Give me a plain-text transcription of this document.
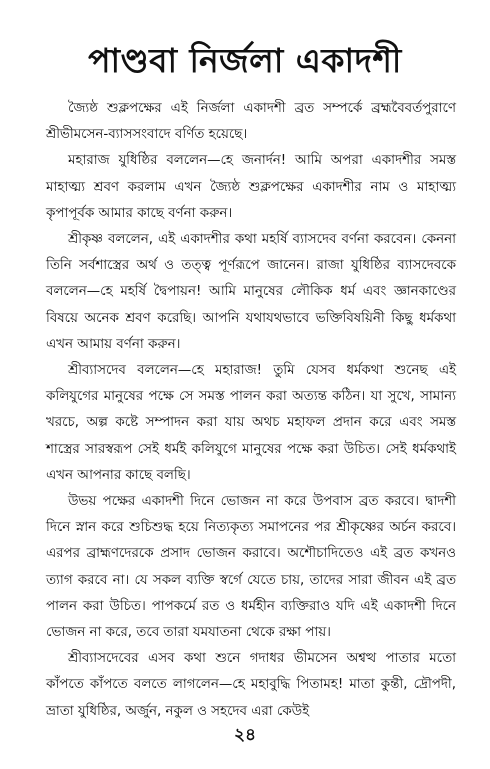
পাণ্ডবা নির্জলা একাদশী

জ্যৈষ্ঠ শুক্লপক্ষের এই নির্জলা একাদশী ব্রত সম্পর্কে ব্রহ্মবৈবর্তপুরাণে শ্রীভীমসেন-ব্যাসসংবাদে বর্ণিত হয়েছে।

মহারাজ যুধিষ্ঠির বললেন—হে জনার্দন! আমি অপরা একাদশীর সমস্ত মাহাত্ম্য শ্রবণ করলাম এখন জ্যৈষ্ঠ শুক্লপক্ষের একাদশীর নাম ও মাহাত্ম্য কৃপাপূর্বক আমার কাছে বর্ণনা করুন।

শ্রীকৃষ্ণ বললেন, এই একাদশীর কথা মহর্ষি ব্যাসদেব বর্ণনা করবেন। কেননা তিনি সর্বশাস্ত্রের অর্থ ও তত্ত্ব পূর্ণরূপে জানেন। রাজা যুধিষ্ঠির ব্যাসদেবকে বললেন—হে মহর্ষি দ্বৈপায়ন! আমি মানুষের লৌকিক ধর্ম এবং জ্ঞানকাণ্ডের বিষয়ে অনেক শ্রবণ করেছি। আপনি যথাযথভাবে ভক্তিবিষয়িনী কিছু ধর্মকথা এখন আমায় বর্ণনা করুন।

শ্রীব্যাসদেব বললেন—হে মহারাজ! তুমি যেসব ধর্মকথা শুনেছ এই কলিযুগের মানুষের পক্ষে সে সমস্ত পালন করা অত্যন্ত কঠিন। যা সুখে, সামান্য খরচে, অল্প কষ্টে সম্পাদন করা যায় অথচ মহাফল প্রদান করে এবং সমস্ত শাস্ত্রের সারস্বরূপ সেই ধর্মই কলিযুগে মানুষের পক্ষে করা উচিত। সেই ধর্মকথাই এখন আপনার কাছে বলছি।

উভয় পক্ষের একাদশী দিনে ভোজন না করে উপবাস ব্রত করবে। দ্বাদশী দিনে স্নান করে শুচিশুদ্ধ হয়ে নিত্যকৃত্য সমাপনের পর শ্রীকৃষ্ণের অর্চন করবে। এরপর ব্রাহ্মণদেরকে প্রসাদ ভোজন করাবে। অশৌচাদিতেও এই ব্রত কখনও ত্যাগ করবে না। যে সকল ব্যক্তি স্বর্গে যেতে চায়, তাদের সারা জীবন এই ব্রত পালন করা উচিত। পাপকর্মে রত ও ধর্মহীন ব্যক্তিরাও যদি এই একাদশী দিনে ভোজন না করে, তবে তারা যমযাতনা থেকে রক্ষা পায়।

শ্রীব্যাসদেবের এসব কথা শুনে গদাধর ভীমসেন অশ্বত্থ পাতার মতো কাঁপতে কাঁপতে বলতে লাগলেন—হে মহাবুদ্ধি পিতামহ! মাতা কুন্তী, দ্রৌপদী, ভ্রাতা যুধিষ্ঠির, অর্জুন, নকুল ও সহদেব এরা কেউই

২৪
